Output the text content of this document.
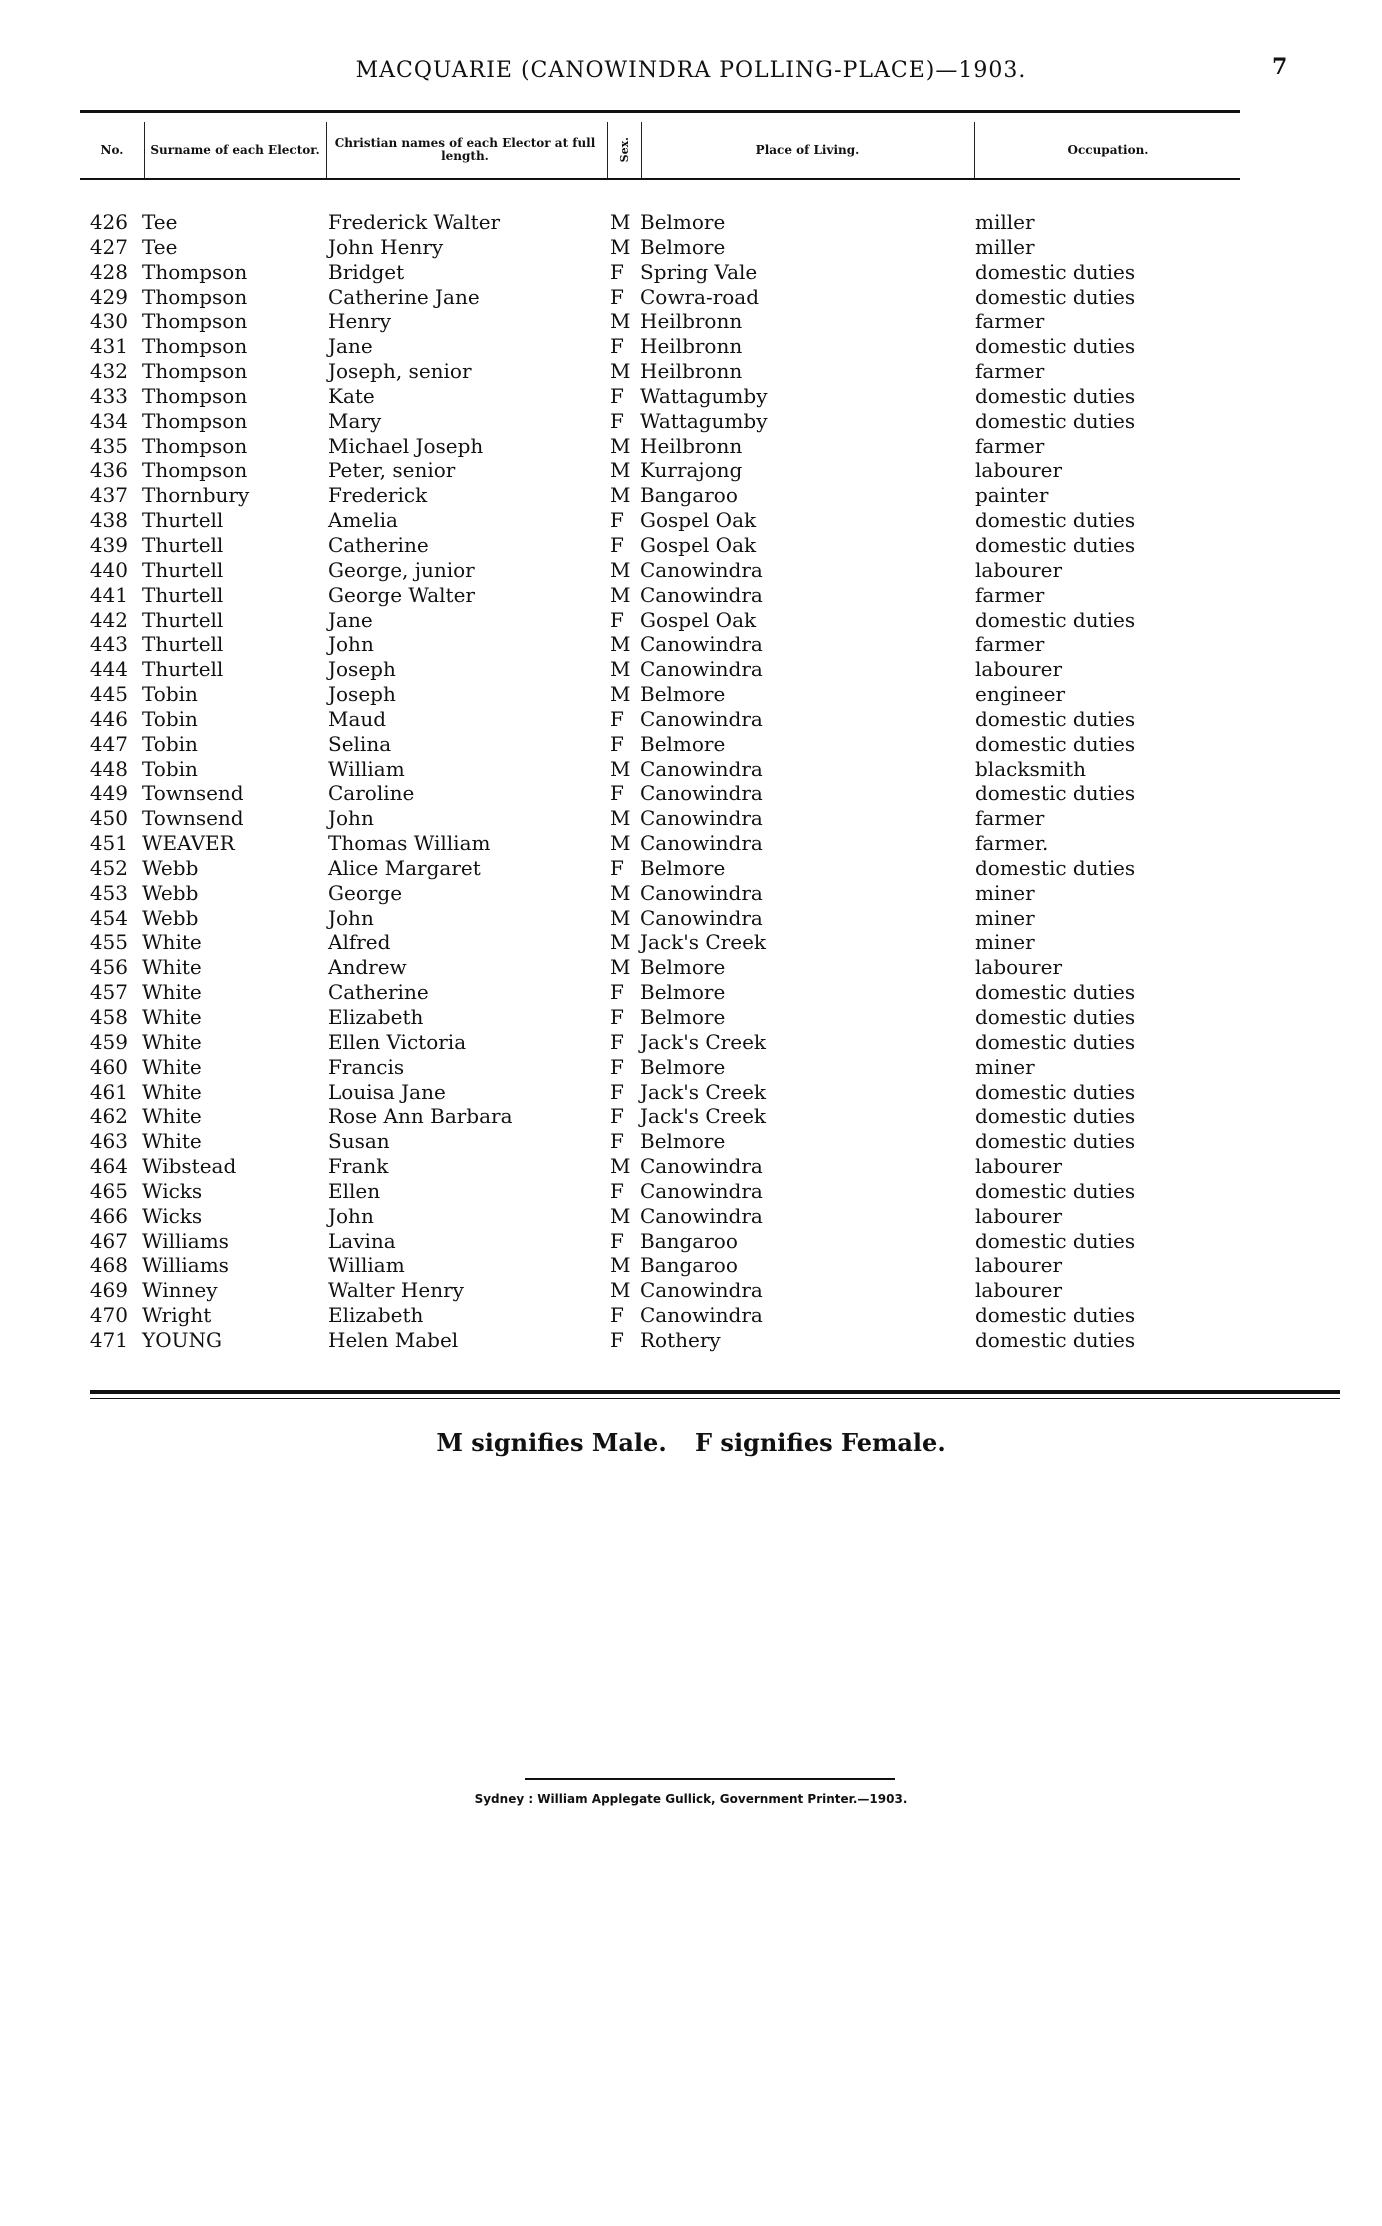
MACQUARIE (CANOWINDRA POLLING-PLACE)—1903.	7
No.	Surname of each Elector.	Christian names of each Elector at full length.	Sex.	Place of Living.	Occupation.
426 Tee	Frederick Walter	M Belmore	miller
427 Tee	John Henry	M Belmore	miller
428 Thompson	Bridget	F Spring Vale	domestic duties
429 Thompson	Catherine Jane	F Cowra-road	domestic duties
430 Thompson	Henry	M Heilbronn	farmer
431 Thompson	Jane	F Heilbronn	domestic duties
432 Thompson	Joseph, senior	M Heilbronn	farmer
433 Thompson	Kate	F Wattagumby	domestic duties
434 Thompson	Mary	F Wattagumby	domestic duties
435 Thompson	Michael Joseph	M Heilbronn	farmer
436 Thompson	Peter, senior	M Kurrajong	labourer
437 Thornbury	Frederick	M Bangaroo	painter
438 Thurtell	Amelia	F Gospel Oak	domestic duties
439 Thurtell	Catherine	F Gospel Oak	domestic duties
440 Thurtell	George, junior	M Canowindra	labourer
441 Thurtell	George Walter	M Canowindra	farmer
442 Thurtell	Jane	F Gospel Oak	domestic duties
443 Thurtell	John	M Canowindra	farmer
444 Thurtell	Joseph	M Canowindra	labourer
445 Tobin	Joseph	M Belmore	engineer
446 Tobin	Maud	F Canowindra	domestic duties
447 Tobin	Selina	F Belmore	domestic duties
448 Tobin	William	M Canowindra	blacksmith
449 Townsend	Caroline	F Canowindra	domestic duties
450 Townsend	John	M Canowindra	farmer
451 WEAVER	Thomas William	M Canowindra	farmer.
452 Webb	Alice Margaret	F Belmore	domestic duties
453 Webb	George	M Canowindra	miner
454 Webb	John	M Canowindra	miner
455 White	Alfred	M Jack's Creek	miner
456 White	Andrew	M Belmore	labourer
457 White	Catherine	F Belmore	domestic duties
458 White	Elizabeth	F Belmore	domestic duties
459 White	Ellen Victoria	F Jack's Creek	domestic duties
460 White	Francis	F Belmore	miner
461 White	Louisa Jane	F Jack's Creek	domestic duties
462 White	Rose Ann Barbara	F Jack's Creek	domestic duties
463 White	Susan	F Belmore	domestic duties
464 Wibstead	Frank	M Canowindra	labourer
465 Wicks	Ellen	F Canowindra	domestic duties
466 Wicks	John	M Canowindra	labourer
467 Williams	Lavina	F Bangaroo	domestic duties
468 Williams	William	M Bangaroo	labourer
469 Winney	Walter Henry	M Canowindra	labourer
470 Wright	Elizabeth	F Canowindra	domestic duties
471 YOUNG	Helen Mabel	F Rothery	domestic duties
M signifies Male. F signifies Female.
Sydney : William Applegate Gullick, Government Printer.—1903.
